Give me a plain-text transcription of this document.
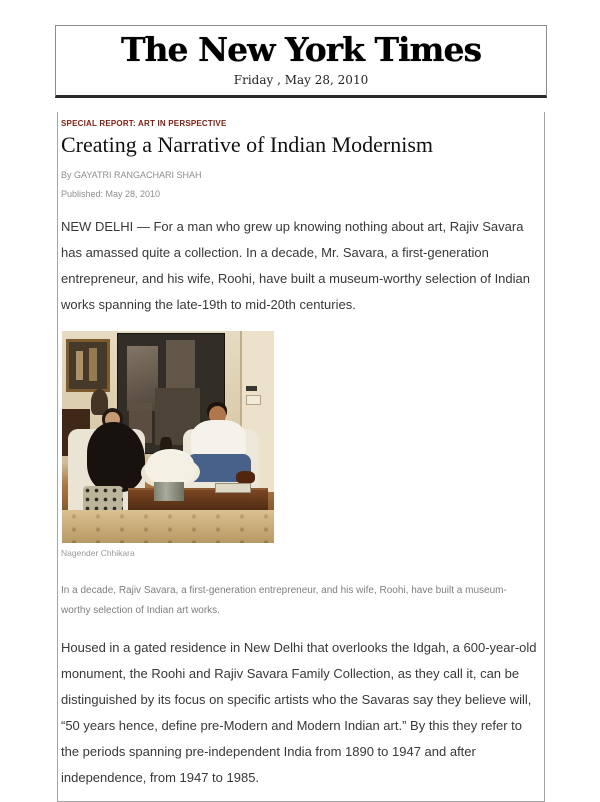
The New York Times
Friday , May 28, 2010
SPECIAL REPORT: ART IN PERSPECTIVE
Creating a Narrative of Indian Modernism
By GAYATRI RANGACHARI SHAH
Published: May 28, 2010

NEW DELHI — For a man who grew up knowing nothing about art, Rajiv Savara has amassed quite a collection. In a decade, Mr. Savara, a first-generation entrepreneur, and his wife, Roohi, have built a museum-worthy selection of Indian works spanning the late-19th to mid-20th centuries.

Nagender Chhikara
In a decade, Rajiv Savara, a first-generation entrepreneur, and his wife, Roohi, have built a museum-worthy selection of Indian art works.

Housed in a gated residence in New Delhi that overlooks the Idgah, a 600-year-old monument, the Roohi and Rajiv Savara Family Collection, as they call it, can be distinguished by its focus on specific artists who the Savaras say they believe will, “50 years hence, define pre-Modern and Modern Indian art.” By this they refer to the periods spanning pre-independent India from 1890 to 1947 and after independence, from 1947 to 1985.
